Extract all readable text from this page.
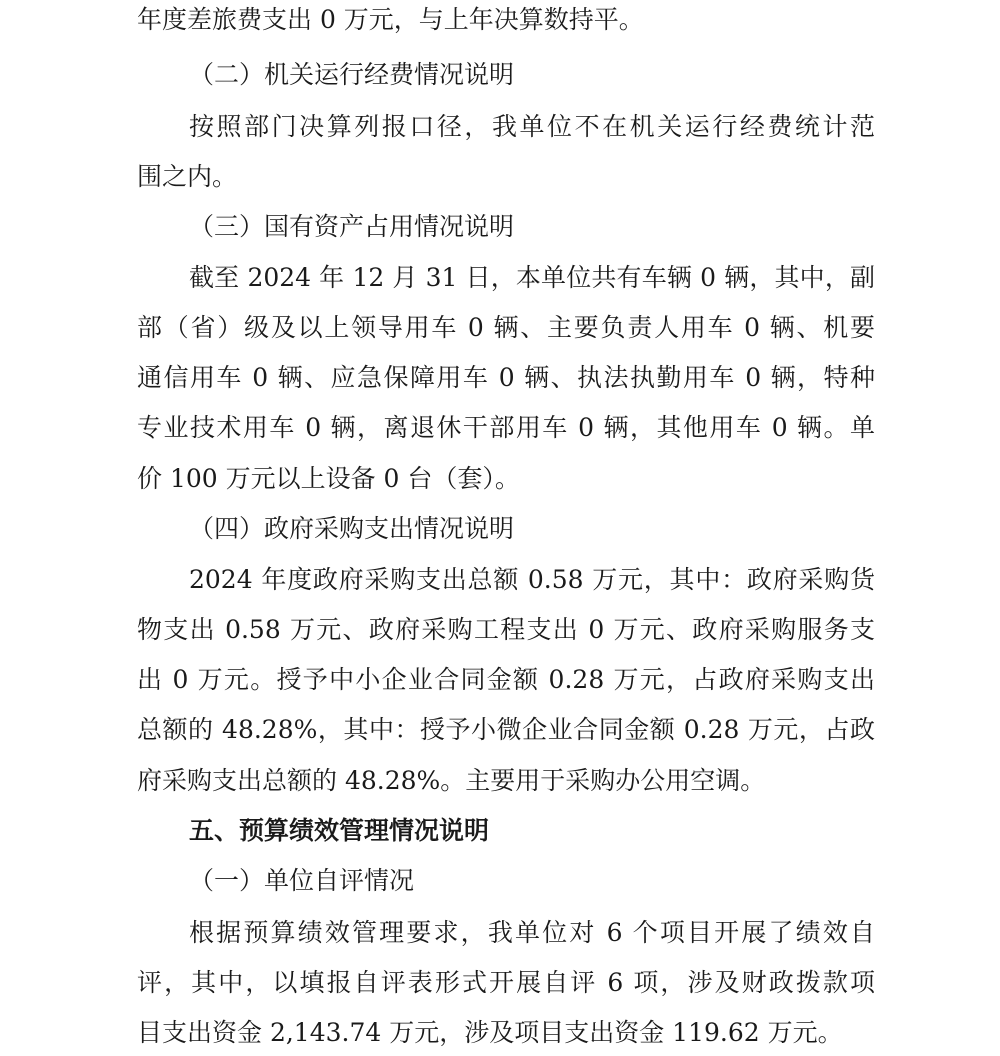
年度差旅费支出 0 万元，与上年决算数持平。
（二）机关运行经费情况说明
按照部门决算列报口径，我单位不在机关运行经费统计范
围之内。
（三）国有资产占用情况说明
截至 2024 年 12 月 31 日，本单位共有车辆 0 辆，其中，副
部（省）级及以上领导用车 0 辆、主要负责人用车 0 辆、机要
通信用车 0 辆、应急保障用车 0 辆、执法执勤用车 0 辆，特种
专业技术用车 0 辆，离退休干部用车 0 辆，其他用车 0 辆。单
价 100 万元以上设备 0 台（套）。
（四）政府采购支出情况说明
2024 年度政府采购支出总额 0.58 万元，其中：政府采购货
物支出 0.58 万元、政府采购工程支出 0 万元、政府采购服务支
出 0 万元。授予中小企业合同金额 0.28 万元，占政府采购支出
总额的 48.28%，其中：授予小微企业合同金额 0.28 万元，占政
府采购支出总额的 48.28%。主要用于采购办公用空调。
五、预算绩效管理情况说明
（一）单位自评情况
根据预算绩效管理要求，我单位对 6 个项目开展了绩效自
评，其中，以填报自评表形式开展自评 6 项，涉及财政拨款项
目支出资金 2,143.74 万元，涉及项目支出资金 119.62 万元。
